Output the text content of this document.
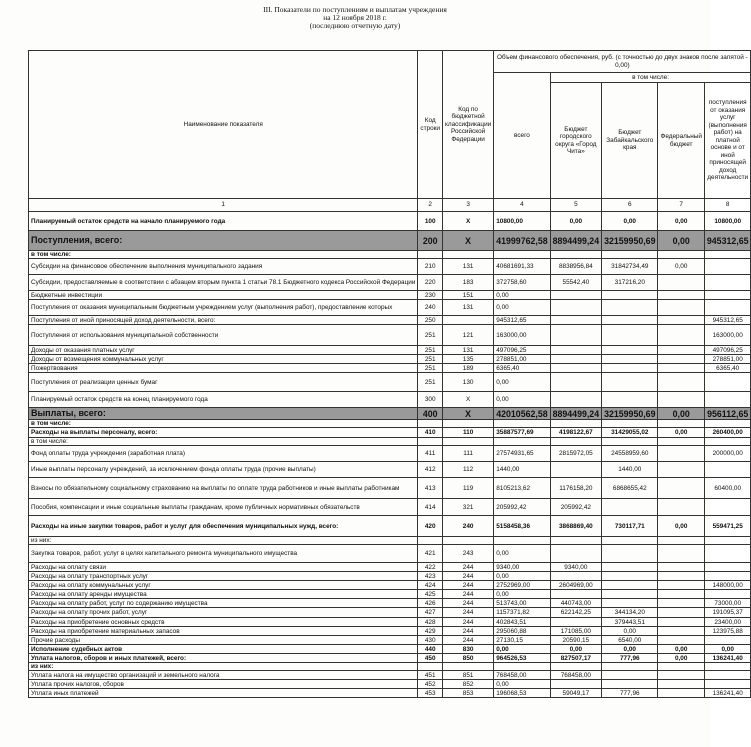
III. Показатели по поступлениям и выплатам учреждения
на 12 ноября 2018 г.
(последнюю отчетную дату)
Наименование показателя	Код строки	Код по бюджетной классификации Российской Федерации	Объем финансового обеспечения, руб. (с точностью до двух знаков после запятой - 0,00)				
			всего	в том числе:			
				Бюджет городского округа «Город Чита»	Бюджет Забайкальского края	Федеральный бюджет	поступления от оказания услуг (выполнения работ) на платной основе и от иной приносящей доход деятельности
1	2	3	4	5	6	7	8
Планируемый остаток средств на начало планируемого года	100	X	10800,00	0,00	0,00	0,00	10800,00
Поступления, всего:	200	X	41999762,58	8894499,24	32159950,69	0,00	945312,65
в том числе:							
Субсидии на финансовое обеспечение выполнения муниципального задания	210	131	40681691,33	8838956,84	31842734,49	0,00	
Субсидии, предоставляемые в соответствии с абзацем вторым пункта 1 статьи 78.1 Бюджетного кодекса Российской Федерации	220	183	372758,60	55542,40	317216,20		
Бюджетные инвестиции	230	151	0,00				
Поступления от оказания муниципальным бюджетным учреждением услуг (выполнения работ), предоставление которых	240	131	0,00				
Поступления от иной приносящей доход деятельности, всего:	250		945312,65				945312,65
Поступления от использования муниципальной собственности	251	121	163000,00				163000,00
Доходы от оказания платных услуг	251	131	497096,25				497096,25
Доходы от возмещения коммунальных услуг	251	135	278851,00				278851,00
Пожертвования	251	189	6365,40				6365,40
Поступления от реализации ценных бумаг	251	130	0,00				
Планируемый остаток средств на конец планируемого года	300	X	0,00				
Выплаты, всего:	400	X	42010562,58	8894499,24	32159950,69	0,00	956112,65
в том числе:							
Расходы на выплаты персоналу, всего:	410	110	35887577,69	4198122,67	31429055,02	0,00	260400,00
в том числе:							
Фонд оплаты труда учреждения (заработная плата)	411	111	27574931,65	2815972,05	24558959,60		200000,00
Иные выплаты персоналу учреждений, за исключением фонда оплаты труда (прочие выплаты)	412	112	1440,00		1440,00		
Взносы по обязательному социальному страхованию на выплаты по оплате труда работников и иные выплаты работникам	413	119	8105213,62	1176158,20	6868655,42		60400,00
Пособия, компенсации и иные социальные выплаты гражданам, кроме публичных нормативных обязательств	414	321	205992,42	205992,42			
Расходы на иные закупки товаров, работ и услуг для обеспечения муниципальных нужд, всего:	420	240	5158458,36	3868869,40	730117,71	0,00	559471,25
из них:							
Закупка товаров, работ, услуг в целях капитального ремонта муниципального имущества	421	243	0,00				
Расходы на оплату связи	422	244	9340,00	9340,00			
Расходы на оплату транспортных услуг	423	244	0,00				
Расходы на оплату коммунальных услуг	424	244	2752969,00	2604969,00			148000,00
Расходы на оплату аренды имущества	425	244	0,00				
Расходы на оплату работ, услуг по содержанию имущества	426	244	513743,00	440743,00			73000,00
Расходы на оплату прочих работ, услуг	427	244	1157371,82	622142,25	344134,20		191095,37
Расходы на приобретение основных средств	428	244	402843,51		379443,51		23400,00
Расходы на приобретение материальных запасов	429	244	295060,88	171085,00	0,00		123975,88
Прочие расходы	430	244	27130,15	20590,15	6540,00		
Исполнение судебных актов	440	830	0,00	0,00	0,00	0,00	0,00
Уплата налогов, сборов и иных платежей, всего:	450	850	964526,53	827507,17	777,96	0,00	136241,40
из них:							
Уплата налога на имущество организаций и земельного налога	451	851	768458,00	768458,00			
Уплата прочих налогов, сборов	452	852	0,00				
Уплата иных платежей	453	853	196068,53	59049,17	777,96		136241,40
